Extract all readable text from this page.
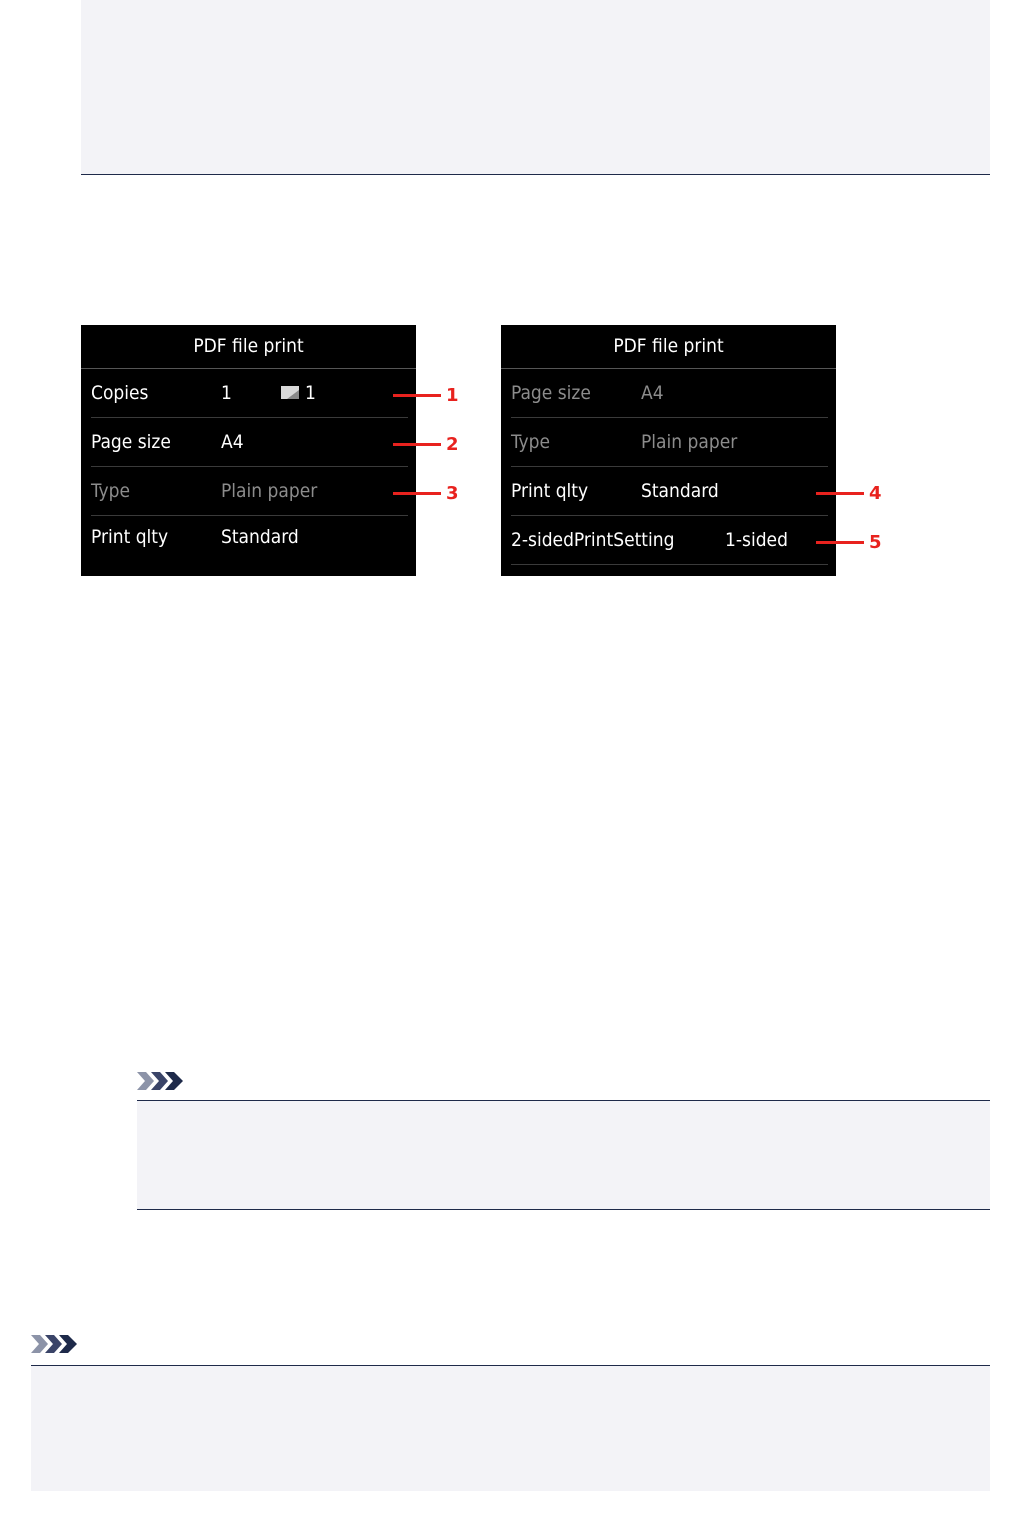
PDF file print
Copies	1	1
Page size	A4
Type	Plain paper
Print qlty	Standard
PDF file print
Page size	A4
Type	Plain paper
Print qlty	Standard
2-sidedPrintSetting	1-sided
1
2
3	4
5
